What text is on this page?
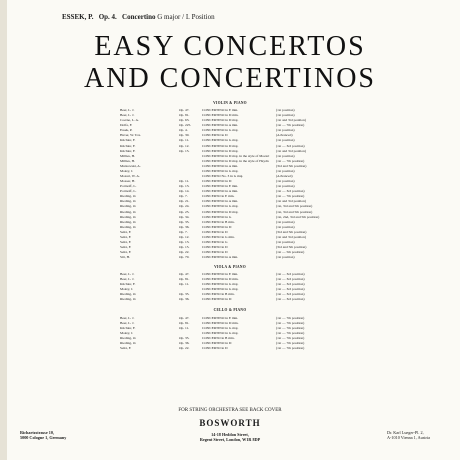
ESSEK, P. Op. 4. Concertino G major / I. Position
EASY CONCERTOS
AND CONCERTINOS
VIOLIN & PIANO
Beer, L. J.	Op. 47.	CONCERTINO in E min.	(1st position)
Beer, L. J.	Op. 81.	CONCERTINO in D min.	(1st position)
Coerne, L. A.	Op. 63.	CONCERTINO in D maj.	(1st and 3rd position)
Dolfa, F.	Op. 225.	CONCERTINO in A min.	(1st — 7th position)
Essek, P.	Op. 4.	CONCERTINO in G maj.	(1st position)
Haver, W. Tox.	Op. 30.	CONCERTO in D	(Advanced)
Küchler, F.	Op. 11.	CONCERTINO in G maj.	(1st position)
Küchler, F.	Op. 12.	CONCERTINO in D maj.	(1st — 3rd position)
Küchler, F.	Op. 15.	CONCERTINO in D maj.	(1st and 3rd position)
Millies, H.	CONCERTINO in D maj. in the style of Mozart (1st position)
Millies, H.	CONCERTINO in D maj. in the style of Haydn (1st — 7th position)
Mutzowski, A.	CONCERTINO in A min.	(3rd and 5th position)
Mokry, J.	CONCERTINO in G maj.	(1st position)
Mozart, W. A.	CONCERTO No. 3 in G maj.	(Advanced)
Mosser, H.	Op. 11.	CONCERTINO in D	(1st position)
Portnoff, L.	Op. 13.	CONCERTINO in E min.	(1st position)
Portnoff, L.	Op. 14.	CONCERTINO in A min.	(1st — 3rd position)
Rieding, O.	Op. 7.	CONCERTO in E min.	(1st — 7th position)
Rieding, O.	Op. 21.	CONCERTINO in A min.	(1st and 3rd position)
Rieding, O.	Op. 24.	CONCERTINO in G maj.	(1st, 3rd and 5th position)
Rieding, O.	Op. 25.	CONCERTINO in D maj.	(1st, 3rd and 5th position)
Rieding, O.	Op. 34.	CONCERTINO in G	(1st, 2nd, 3rd and 5th position)
Rieding, O.	Op. 35.	CONCERTO in B min.	(1st position)
Rieding, O.	Op. 36.	CONCERTINO in D	(1st position)
Seitz, F.	Op. 7.	CONCERTO in D	(3rd and 5th position)
Seitz, F.	Op. 12.	CONCERTO in G min.	(1st and 3rd position)
Seitz, F.	Op. 13.	CONCERTO in G	(1st position)
Seitz, F.	Op. 15.	CONCERTO in D	(3rd and 5th position)
Seitz, F.	Op. 22.	CONCERTO in D	(1st — 5th position)
Sitt, H.	Op. 70.	CONCERTINO in A min.	(1st position)
VIOLA & PIANO
Beer, L. J.	Op. 47.	CONCERTINO in E min.	(1st — 3rd position)
Beer, L. J.	Op. 81.	CONCERTINO in D min.	(1st — 3rd position)
Küchler, F.	Op. 11.	CONCERTINO in G maj.	(1st — 3rd position)
Mokry, J.	CONCERTINO in G maj.	(1st — 3rd position)
Rieding, O.	Op. 35.	CONCERTO in B min.	(1st — 3rd position)
Rieding, O.	Op. 36.	CONCERTINO in D	(1st — 3rd position)
CELLO & PIANO
Beer, L. J.	Op. 47.	CONCERTINO in E min.	(1st — 7th position)
Beer, L. J.	Op. 81.	CONCERTINO in D min.	(1st — 7th position)
Küchler, F.	Op. 11.	CONCERTINO in G maj.	(1st — 7th position)
Mokry, J.	CONCERTINO in G maj.	(1st — 7th position)
Rieding, O.	Op. 35.	CONCERTO in B min.	(1st — 7th position)
Rieding, O.	Op. 36.	CONCERTINO in D	(1st — 7th position)
Seitz, F.	Op. 22.	CONCERTO in D	(1st — 7th position)
FOR STRING ORCHESTRA SEE BACK COVER
BOSWORTH
Richartzstrasse 10,
5000 Cologne 1, Germany
14-18 Heddon Street,
Regent Street, London, W1R 8DP
Dr. Karl Lueger-Pl. 2,
A-1010 Vienna 1, Austria
